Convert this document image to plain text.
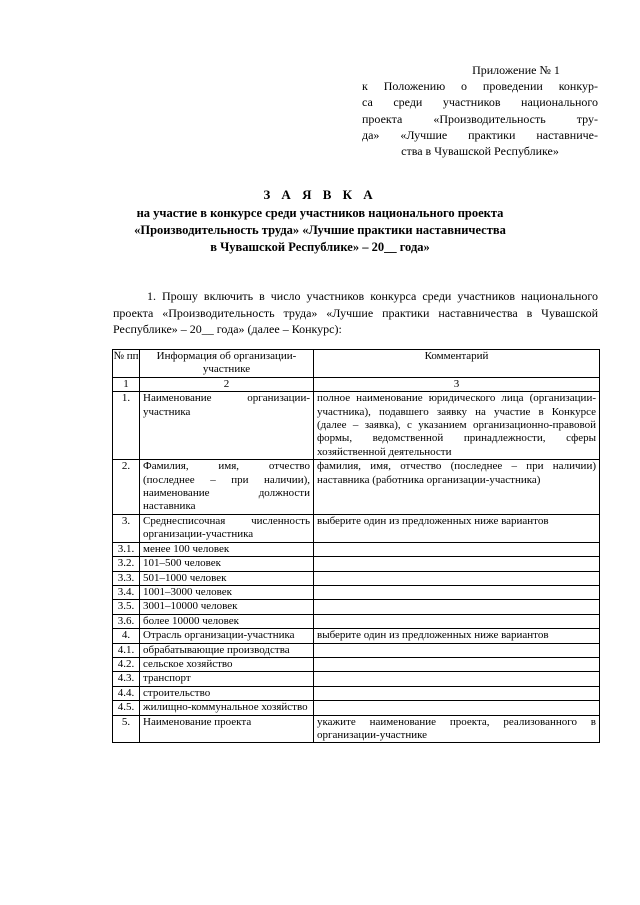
Приложение № 1
к Положению о проведении конкур-
са среди участников национального
проекта «Производительность тру-
да» «Лучшие практики наставниче-
ства в Чувашской Республике»
З А Я В К А
на участие в конкурсе среди участников национального проекта
«Производительность труда» «Лучшие практики наставничества
в Чувашской Республике» – 20__ года»
1. Прошу включить в число участников конкурса среди участников национального проекта «Производительность труда» «Лучшие практики наставничества в Чувашской Республике» – 20__ года» (далее – Конкурс):
№ пп	Информация об организации-участнике	Комментарий
1	2	3
1.	Наименование организации-участника	полное наименование юридического лица (организации-участника), подавшего заявку на участие в Конкурсе (далее – заявка), с указанием организационно-правовой формы, ведомственной принадлежности, сферы хозяйственной деятельности
2.	Фамилия, имя, отчество (последнее – при наличии), наименование должности наставника	фамилия, имя, отчество (последнее – при наличии) наставника (работника организации-участника)
3.	Среднесписочная численность организации-участника	выберите один из предложенных ниже вариантов
3.1.	менее 100 человек	
3.2.	101–500 человек	
3.3.	501–1000 человек	
3.4.	1001–3000 человек	
3.5.	3001–10000 человек	
3.6.	более 10000 человек	
4.	Отрасль организации-участника	выберите один из предложенных ниже вариантов
4.1.	обрабатывающие производства	
4.2.	сельское хозяйство	
4.3.	транспорт	
4.4.	строительство	
4.5.	жилищно-коммунальное хозяйство	
5.	Наименование проекта	укажите наименование проекта, реализованного в организации-участнике
